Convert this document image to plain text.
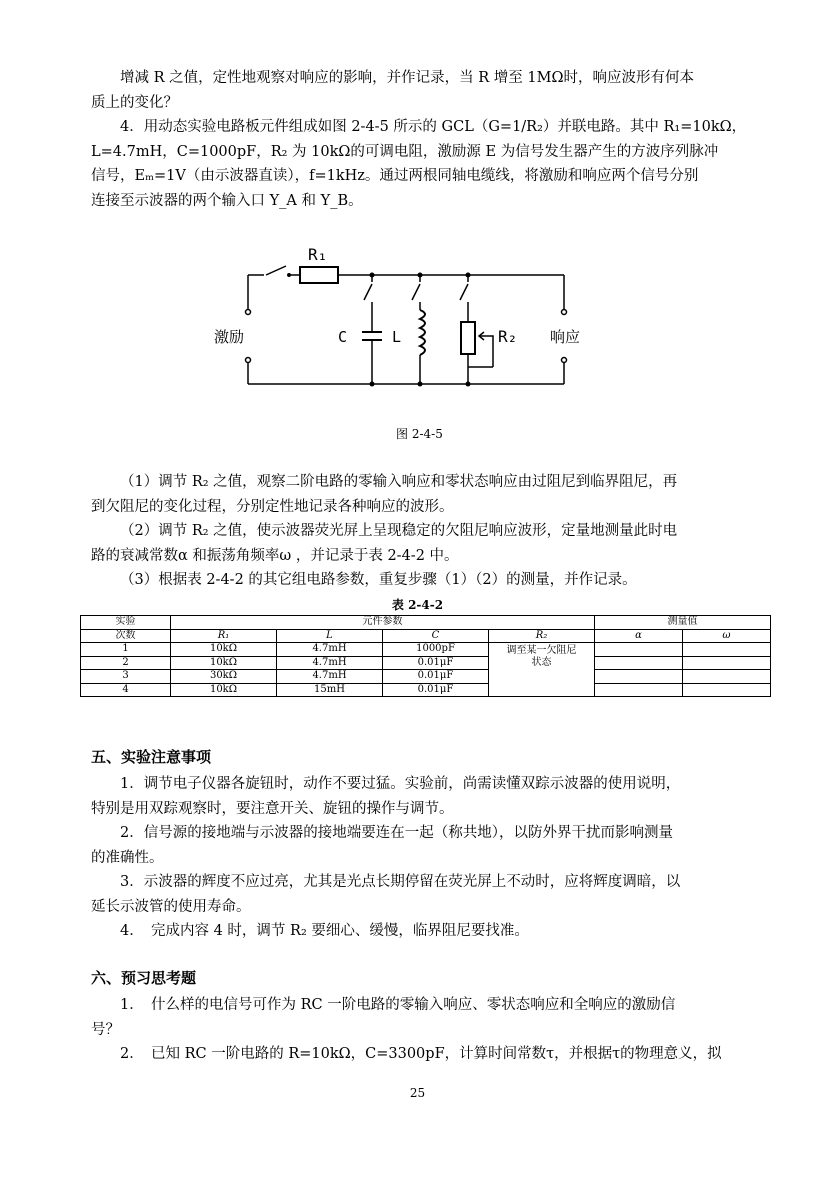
增减 R 之值，定性地观察对响应的影响，并作记录，当 R 增至 1MΩ时，响应波形有何本
质上的变化？

4．用动态实验电路板元件组成如图 2-4-5 所示的 GCL（G=1/R₂）并联电路。其中 R₁=10kΩ，
L=4.7mH，C=1000pF，R₂ 为 10kΩ的可调电阻，激励源 E 为信号发生器产生的方波序列脉冲
信号，Eₘ=1V（由示波器直读），f=1kHz。通过两根同轴电缆线，将激励和响应两个信号分别
连接至示波器的两个输入口 Y_A 和 Y_B。

R₁
激励	C	L	R₂ 响应
图 2-4-5

（1）调节 R₂ 之值，观察二阶电路的零输入响应和零状态响应由过阻尼到临界阻尼，再
到欠阻尼的变化过程，分别定性地记录各种响应的波形。

（2）调节 R₂ 之值，使示波器荧光屏上呈现稳定的欠阻尼响应波形，定量地测量此时电
路的衰减常数α 和振荡角频率ω ，并记录于表 2-4-2 中。

（3）根据表 2-4-2 的其它组电路参数，重复步骤（1）（2）的测量，并作记录。

表 2-4-2
实验	元件参数				测量值	
次数	R₁	L	C	R₂	α	ω
1	10kΩ	4.7mH	1000pF	调至某一欠阻尼
状态		

2	10kΩ	4.7mH	0.01μF			
3	30kΩ	4.7mH	0.01μF			
4	10kΩ	15mH	0.01μF			
五、实验注意事项

1．调节电子仪器各旋钮时，动作不要过猛。实验前，尚需读懂双踪示波器的使用说明，
特别是用双踪观察时，要注意开关、旋钮的操作与调节。

2．信号源的接地端与示波器的接地端要连在一起（称共地），以防外界干扰而影响测量
的准确性。

3．示波器的辉度不应过亮，尤其是光点长期停留在荧光屏上不动时，应将辉度调暗，以
延长示波管的使用寿命。

4．　完成内容 4 时，调节 R₂ 要细心、缓慢，临界阻尼要找准。

六、预习思考题

1．　什么样的电信号可作为 RC 一阶电路的零输入响应、零状态响应和全响应的激励信
号？

2．　已知 RC 一阶电路的 R=10kΩ，C=3300pF，计算时间常数τ，并根据τ的物理意义，拟

25
